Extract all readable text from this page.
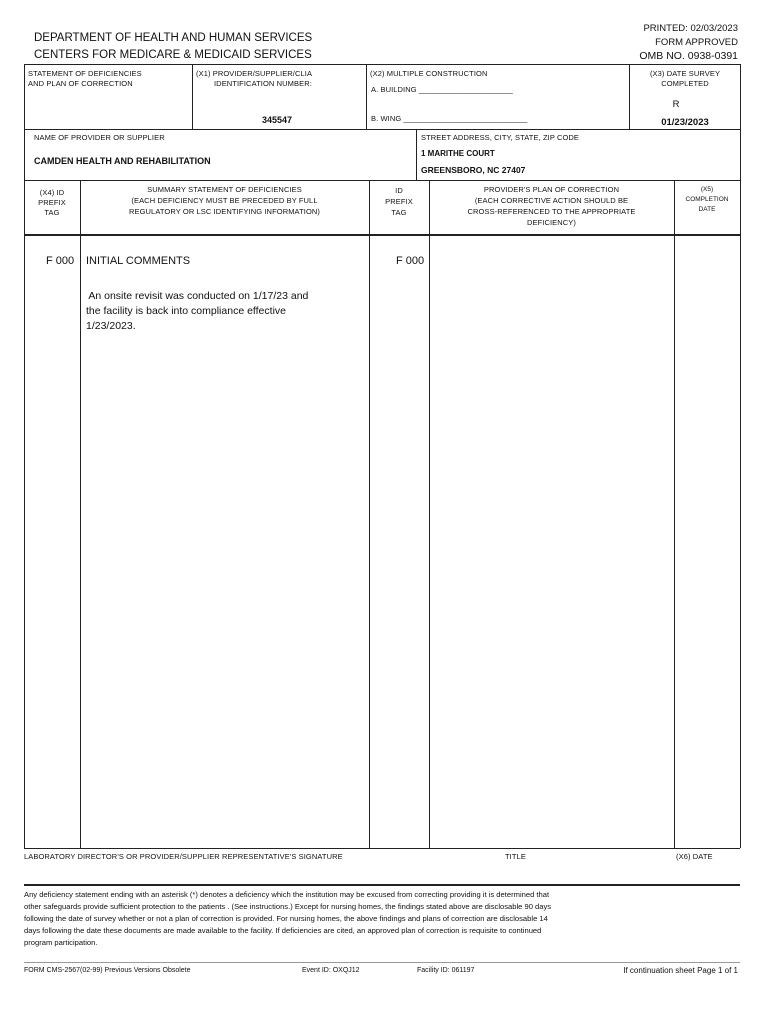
DEPARTMENT OF HEALTH AND HUMAN SERVICES
CENTERS FOR MEDICARE & MEDICAID SERVICES
PRINTED: 02/03/2023
FORM APPROVED
OMB NO. 0938-0391
STATEMENT OF DEFICIENCIES
AND PLAN OF CORRECTION
(X1) PROVIDER/SUPPLIER/CLIA
IDENTIFICATION NUMBER:
345547
(X2) MULTIPLE CONSTRUCTION
A. BUILDING ______________________
B. WING _____________________________
(X3) DATE SURVEY
COMPLETED
R
01/23/2023
NAME OF PROVIDER OR SUPPLIER
CAMDEN HEALTH AND REHABILITATION
STREET ADDRESS, CITY, STATE, ZIP CODE
1 MARITHE COURT
GREENSBORO, NC 27407
(X4) ID
PREFIX
TAG
SUMMARY STATEMENT OF DEFICIENCIES
(EACH DEFICIENCY MUST BE PRECEDED BY FULL
REGULATORY OR LSC IDENTIFYING INFORMATION)
ID
PREFIX
TAG
PROVIDER'S PLAN OF CORRECTION
(EACH CORRECTIVE ACTION SHOULD BE
CROSS-REFERENCED TO THE APPROPRIATE
DEFICIENCY)
(X5)
COMPLETION
DATE
F 000 INITIAL COMMENTS	F 000
An onsite revisit was conducted on 1/17/23 and
the facility is back into compliance effective
1/23/2023.
LABORATORY DIRECTOR'S OR PROVIDER/SUPPLIER REPRESENTATIVE'S SIGNATURE	TITLE	(X6) DATE
Any deficiency statement ending with an asterisk (*) denotes a deficiency which the institution may be excused from correcting providing it is determined that
other safeguards provide sufficient protection to the patients . (See instructions.) Except for nursing homes, the findings stated above are disclosable 90 days
following the date of survey whether or not a plan of correction is provided. For nursing homes, the above findings and plans of correction are disclosable 14
days following the date these documents are made available to the facility. If deficiencies are cited, an approved plan of correction is requisite to continued
program participation.
FORM CMS-2567(02-99) Previous Versions Obsolete	Event ID: OXQJ12	Facility ID: 061197	If continuation sheet Page 1 of 1
